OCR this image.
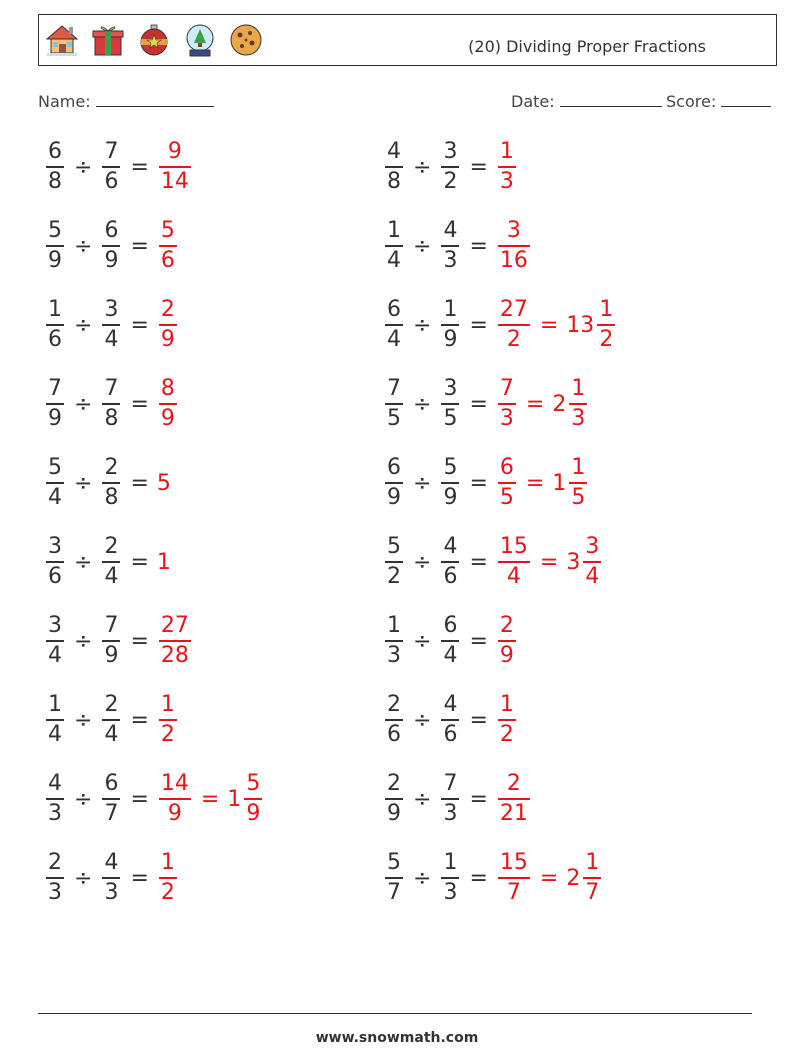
(20) Dividing Proper Fractions
Name:	Date:	Score:
$\frac{6}{8} \div \frac{7}{6} = \frac{9}{14}$	$\frac{4}{8} \div \frac{3}{2} = \frac{1}{3}$
$\frac{5}{9} \div \frac{6}{9} = \frac{5}{6}$	$\frac{1}{4} \div \frac{4}{3} = \frac{3}{16}$
$\frac{1}{6} \div \frac{3}{4} = \frac{2}{9}$	$\frac{6}{4} \div \frac{1}{9} = \frac{27}{2} = 13 \frac{1}{2}$
$\frac{7}{9} \div \frac{7}{8} = \frac{8}{9}$	$\frac{7}{5} \div \frac{3}{5} = \frac{7}{3} = 2 \frac{1}{3}$
$\frac{5}{4} \div \frac{2}{8} = 5$	$\frac{6}{9} \div \frac{5}{9} = \frac{6}{5} = 1 \frac{1}{5}$
$\frac{3}{6} \div \frac{2}{4} = 1$	$\frac{5}{2} \div \frac{4}{6} = \frac{15}{4} = 3 \frac{3}{4}$
$\frac{3}{4} \div \frac{7}{9} = \frac{27}{28}$	$\frac{1}{3} \div \frac{6}{4} = \frac{2}{9}$
$\frac{1}{4} \div \frac{2}{4} = \frac{1}{2}$	$\frac{2}{6} \div \frac{4}{6} = \frac{1}{2}$
$\frac{4}{3} \div \frac{6}{7} = \frac{14}{9} = 1 \frac{5}{9}$	$\frac{2}{9} \div \frac{7}{3} = \frac{2}{21}$
$\frac{2}{3} \div \frac{4}{3} = \frac{1}{2}$	$\frac{5}{7} \div \frac{1}{3} = \frac{15}{7} = 2 \frac{1}{7}$
www.snowmath.com
